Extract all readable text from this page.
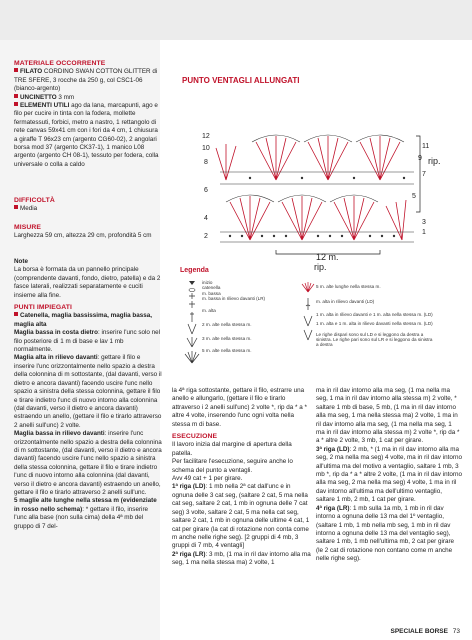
MATERIALE OCCORRENTE

FILATO CORDINO SWAN COTTON GLITTER di TRE SFERE, 3 rocche da 250 g, col CSC1-06 (bianco-argento)

UNCINETTO 3 mm

ELEMENTI UTILI ago da lana, marcapunti, ago e filo per cucire in tinta con la fodera, mollette fermatessuti, forbici, metro a nastro, 1 rettangolo di rete canvas 59x41 cm con i fori da 4 cm, 1 chiusura a giraffe T 96x23 cm (argento CG60-02), 2 angolari borsa mod 37 (argento CK37-1), 1 manico L08 argento (argento CH 08-1), tessuto per fodera, colla universale o colla a caldo

DIFFICOLTÀ

Media

MISURE

Larghezza 59 cm, altezza 29 cm, profondità 5 cm

Note

La borsa è formata da un pannello principale (comprendente davanti, fondo, dietro, patella) e da 2 fasce laterali, realizzati separatamente e cuciti insieme alla fine.

PUNTI IMPIEGATI

Catenella, maglia bassissima, maglia bassa, maglia alta

Maglia bassa in costa dietro: inserire l'unc solo nel filo posteriore di 1 m di base e lav 1 mb normalmente.

Maglia alta in rilievo davanti: gettare il filo e inserire l'unc orizzontalmente nello spazio a destra della colonnina di m sottostante, (dal davanti, verso il dietro e ancora davanti) facendo uscire l'unc nello spazio a sinistra della stessa colonnina, gettare il filo e tirare indietro l'unc di nuovo intorno alla colonnina (dal davanti, verso il dietro e ancora davanti) estraendo un anello, (gettare il filo e tirarlo attraverso 2 anelli sull'unc) 2 volte.

Maglia bassa in rilievo davanti: inserire l'unc orizzontalmente nello spazio a destra della colonnina di m sottostante, (dal davanti, verso il dietro e ancora davanti) facendo uscire l'unc nello spazio a sinistra della stessa colonnina, gettare il filo e tirare indietro l'unc di nuovo intorno alla colonnina (dal davanti, verso il dietro e ancora davanti) estraendo un anello, gettare il filo e tirarlo attraverso 2 anelli sull'unc.

5 maglie alte lunghe nella stessa m (evidenziate in rosso nello schema): * gettare il filo, inserire l'unc alla base (non sulla cima) della 4ª mb del gruppo di 7 del-

PUNTO VENTAGLI ALLUNGATI
12
10
8
6
4
2
11
9
7
5
3
1
rip.
12 m.
rip.
Legenda
inizio
catenella
m. bassa
m. bassa in rilievo davanti (LR)
m. alta
2 m. alte nella stessa m.
3 m. alte nella stessa m.
5 m. alte nella stessa m.
5 m. alte lunghe nella stessa m.
m. alta in rilievo davanti (LD)
1 m. alta in rilievo davanti e 1 m. alta nella stessa m. (LD)
1 m. alta e 1 m. alta in rilievo davanti nella stessa m. (LD)
Le righe dispari sono sul LD e si leggono da destra a sinistra. Le righe pari sono sul LR e si leggono da sinistra a destra

la 4ª riga sottostante, gettare il filo, estrarre una anello e allungarlo, (gettare il filo e tirarlo attraverso i 2 anelli sull'unc) 2 volte *, rip da * a * altre 4 volte, inserendo l'unc ogni volta nella stessa m di base.

ESECUZIONE

Il lavoro inizia dal margine di apertura della patella.

Per facilitare l'esecuzione, seguire anche lo schema del punto a ventagli.

Avv 49 cat + 1 per girare.

1ª riga (LD): 1 mb nella 2ª cat dall'unc e in ognuna delle 3 cat seg, (saltare 2 cat, 5 ma nella cat seg, saltare 2 cat, 1 mb in ognuna delle 7 cat seg) 3 volte, saltare 2 cat, 5 ma nella cat seg, saltare 2 cat, 1 mb in ognuna delle ultime 4 cat, 1 cat per girare (la cat di rotazione non conta come m anche nelle righe seg). [2 gruppi di 4 mb, 3 gruppi di 7 mb, 4 ventagli]

2ª riga (LR): 3 mb, (1 ma in ril dav intorno alla ma seg, 1 ma nella stessa ma) 2 volte, 1

ma in ril dav intorno alla ma seg, (1 ma nella ma seg, 1 ma in ril dav intorno alla stessa m) 2 volte, * saltare 1 mb di base, 5 mb, (1 ma in ril dav intorno alla ma seg, 1 ma nella stessa ma) 2 volte, 1 ma in ril dav intorno alla ma seg, (1 ma nella ma seg, 1 ma in ril dav intorno alla stessa m) 2 volte *, rip da * a * altre 2 volte, 3 mb, 1 cat per girare.

3ª riga (LD): 2 mb, * (1 ma in ril dav intorno alla ma seg, 2 ma nella ma seg) 4 volte, ma in ril dav intorno all'ultima ma del motivo a ventaglio, saltare 1 mb, 3 mb *, rip da * a * altre 2 volte, (1 ma in ril dav intorno alla ma seg, 2 ma nella ma seg) 4 volte, 1 ma in ril dav intorno all'ultima ma dell'ultimo ventaglio, saltare 1 mb, 2 mb, 1 cat per girare.

4ª riga (LR): 1 mb sulla 1a mb, 1 mb in ril dav intorno a ognuna delle 13 ma del 1º ventaglio, (saltare 1 mb, 1 mb nella mb seg, 1 mb in ril dav intorno a ognuna delle 13 ma del ventaglio seg), saltare 1 mb, 1 mb nell'ultima mb, 2 cat per girare (le 2 cat di rotazione non contano come m anche nelle righe seg).

SPECIALE BORSE 73
